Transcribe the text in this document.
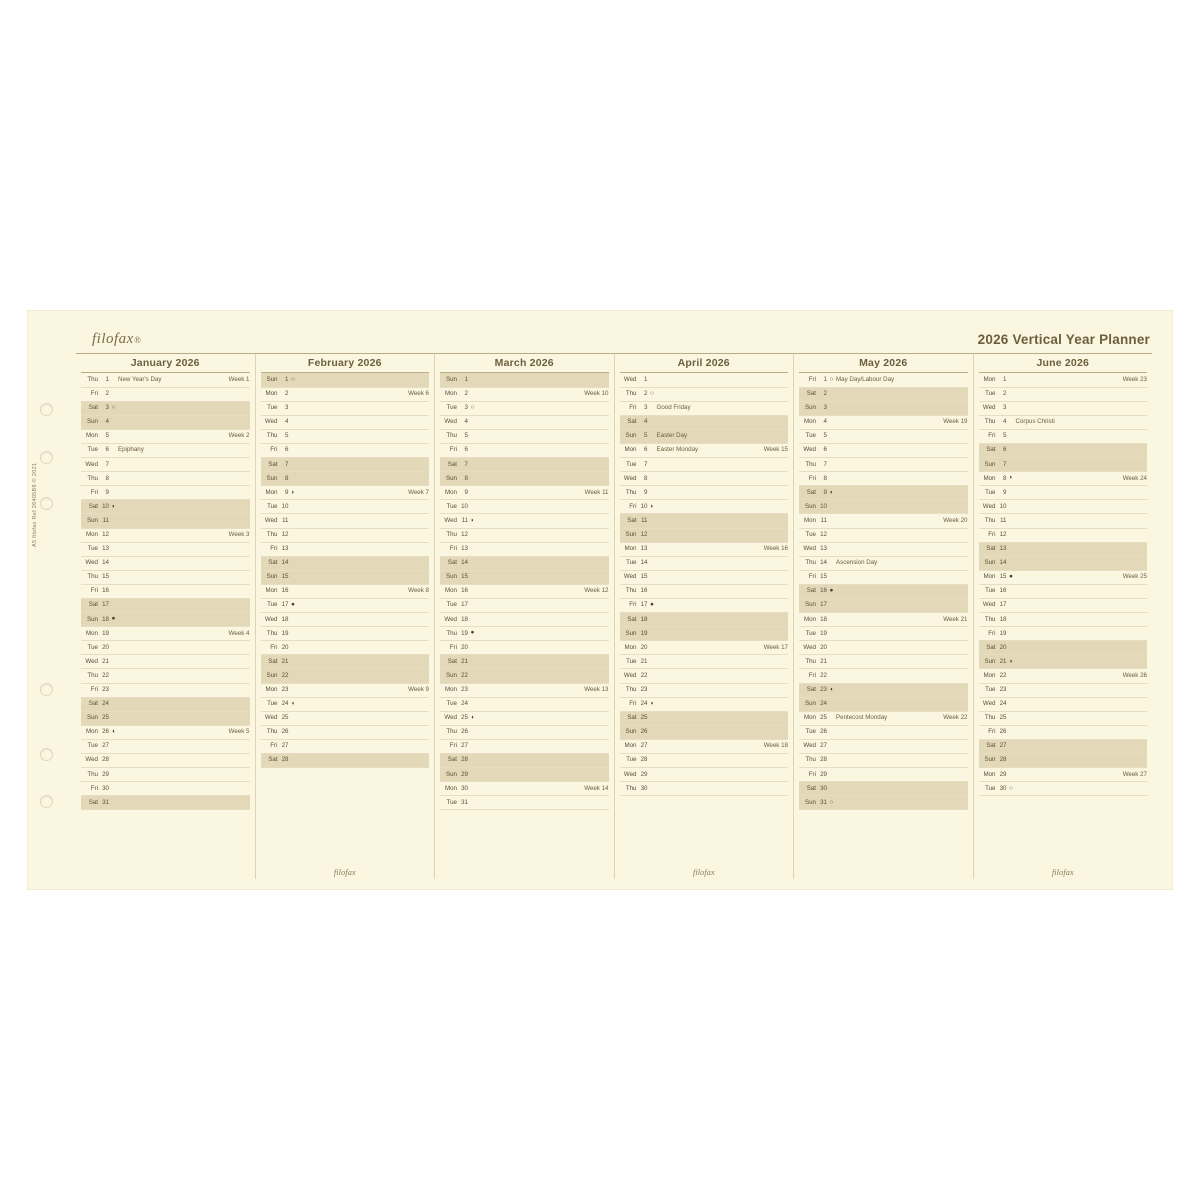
A5 filofax Ref 26405B8 © 2021
filofax®	2026 Vertical Year Planner
January 2026
Thu	1		New Year's Day	Week 1
Fri	2			
Sat	3	○		
Sun	4			
Mon	5			Week 2
Tue	6		Epiphany	
Wed	7			
Thu	8			
Fri	9			
Sat	10	◗		
Sun	11			
Mon	12			Week 3
Tue	13			
Wed	14			
Thu	15			
Fri	16			
Sat	17			
Sun	18	●		
Mon	19			Week 4
Tue	20			
Wed	21			
Thu	22			
Fri	23			
Sat	24			
Sun	25			
Mon	26	◖		Week 5
Tue	27			
Wed	28			
Thu	29			
Fri	30			
Sat	31			
February 2026
Sun	1	○		
Mon	2			Week 6
Tue	3			
Wed	4			
Thu	5			
Fri	6			
Sat	7			
Sun	8			
Mon	9	◗		Week 7
Tue	10			
Wed	11			
Thu	12			
Fri	13			
Sat	14			
Sun	15			
Mon	16			Week 8
Tue	17	●		
Wed	18			
Thu	19			
Fri	20			
Sat	21			
Sun	22			
Mon	23			Week 9
Tue	24	◖		
Wed	25			
Thu	26			
Fri	27			
Sat	28			

filofax
March 2026
Sun	1			
Mon	2			Week 10
Tue	3	○		
Wed	4			
Thu	5			
Fri	6			
Sat	7			
Sun	8			
Mon	9			Week 11
Tue	10			
Wed	11	◗		
Thu	12			
Fri	13			
Sat	14			
Sun	15			
Mon	16			Week 12
Tue	17			
Wed	18			
Thu	19	●		
Fri	20			
Sat	21			
Sun	22			
Mon	23			Week 13
Tue	24			
Wed	25	◖		
Thu	26			
Fri	27			
Sat	28			
Sun	29			
Mon	30			Week 14
Tue	31			
April 2026
Wed	1			
Thu	2	○		
Fri	3		Good Friday	
Sat	4			
Sun	5		Easter Day	
Mon	6		Easter Monday	Week 15
Tue	7			
Wed	8			
Thu	9			
Fri	10	◗		
Sat	11			
Sun	12			
Mon	13			Week 16
Tue	14			
Wed	15			
Thu	16			
Fri	17	●		
Sat	18			
Sun	19			
Mon	20			Week 17
Tue	21			
Wed	22			
Thu	23			
Fri	24	◖		
Sat	25			
Sun	26			
Mon	27			Week 18
Tue	28			
Wed	29			
Thu	30			

filofax
May 2026
Fri	1	○	May Day/Labour Day	
Sat	2			
Sun	3			
Mon	4			Week 19
Tue	5			
Wed	6			
Thu	7			
Fri	8			
Sat	9	◗		
Sun	10			
Mon	11			Week 20
Tue	12			
Wed	13			
Thu	14		Ascension Day	
Fri	15			
Sat	16	●		
Sun	17			
Mon	18			Week 21
Tue	19			
Wed	20			
Thu	21			
Fri	22			
Sat	23	◖		
Sun	24			
Mon	25		Pentecost Monday	Week 22
Tue	26			
Wed	27			
Thu	28			
Fri	29			
Sat	30			
Sun	31	○		
June 2026
Mon	1			Week 23
Tue	2			
Wed	3			
Thu	4		Corpus Christi	
Fri	5			
Sat	6			
Sun	7			
Mon	8	◗		Week 24
Tue	9			
Wed	10			
Thu	11			
Fri	12			
Sat	13			
Sun	14			
Mon	15	●		Week 25
Tue	16			
Wed	17			
Thu	18			
Fri	19			
Sat	20			
Sun	21	◖		
Mon	22			Week 26
Tue	23			
Wed	24			
Thu	25			
Fri	26			
Sat	27			
Sun	28			
Mon	29			Week 27
Tue	30	○		

filofax
